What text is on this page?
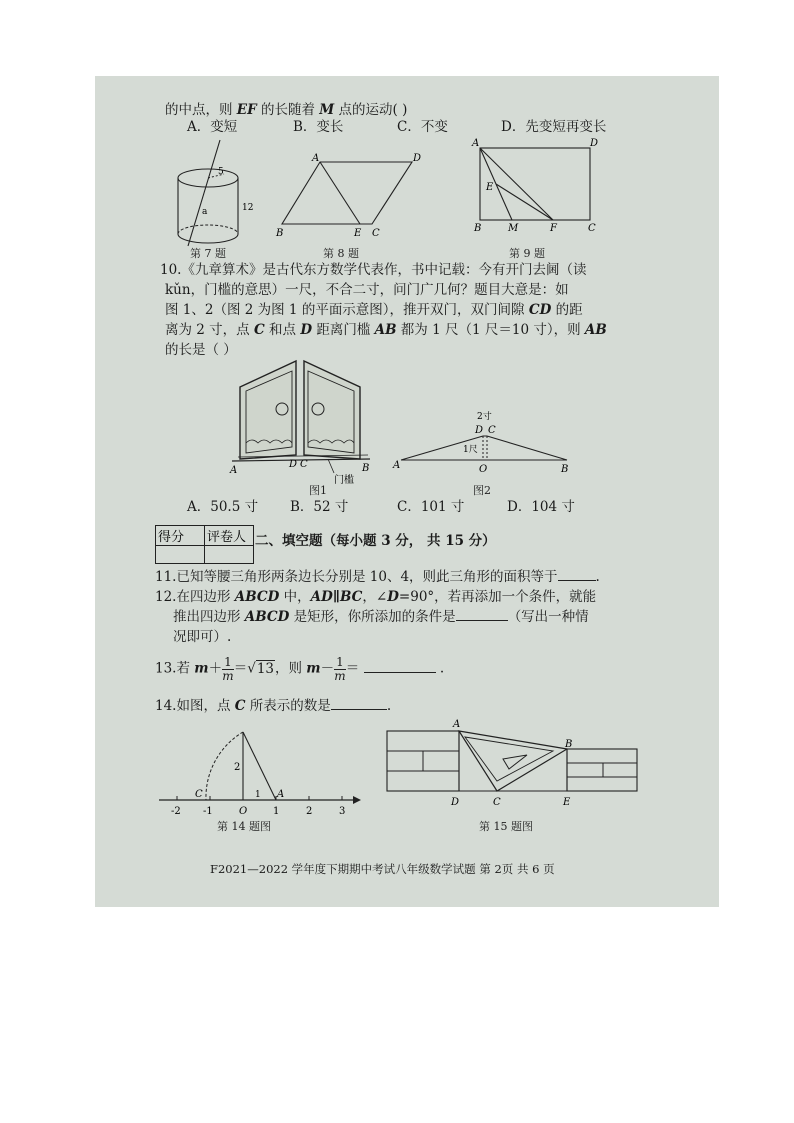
的中点，则 EF 的长随着 M 点的运动( )
A．变短	B．变长	C．不变	D．先变短再变长
5
12
a
第 7 题
A	D
B	E C
第 8 题
A	D
E
B	M	F	C
第 9 题
10.《九章算术》是古代东方数学代表作，书中记载：今有开门去阃（读
kǔn，门槛的意思）一尺，不合二寸，问门广几何？题目大意是：如
图 1、2（图 2 为图 1 的平面示意图），推开双门，双门间隙 CD 的距
离为 2 寸，点 C 和点 D 距离门槛 AB 都为 1 尺（1 尺＝10 寸），则 AB
的长是（ ）
A
D C	B
门槛
图1
2寸
D C
1尺
A	O	B
图2
A．50.5 寸 B．52 寸	C．101 寸	D．104 寸
得分	评卷人
	二、填空题（每小题 3 分， 共 15 分）
11.已知等腰三角形两条边长分别是 10、4，则此三角形的面积等于	.
12.在四边形 ABCD 中，AD∥BC，∠D=90°，若再添加一个条件，就能
推出四边形 ABCD 是矩形，你所添加的条件是	（写出一种情
况即可）.
13.若 $m+ \frac{1}{m} =√13$，则 $m- \frac{1}{m}$ ＝	.
14.如图，点 C 所表示的数是	.
-2 -1	O	1	2	3
C	A
2
1
第 14 题图
A
B
D	C	E
第 15 题图
F2021—2022 学年度下期期中考试八年级数学试题 第 2页 共 6 页
